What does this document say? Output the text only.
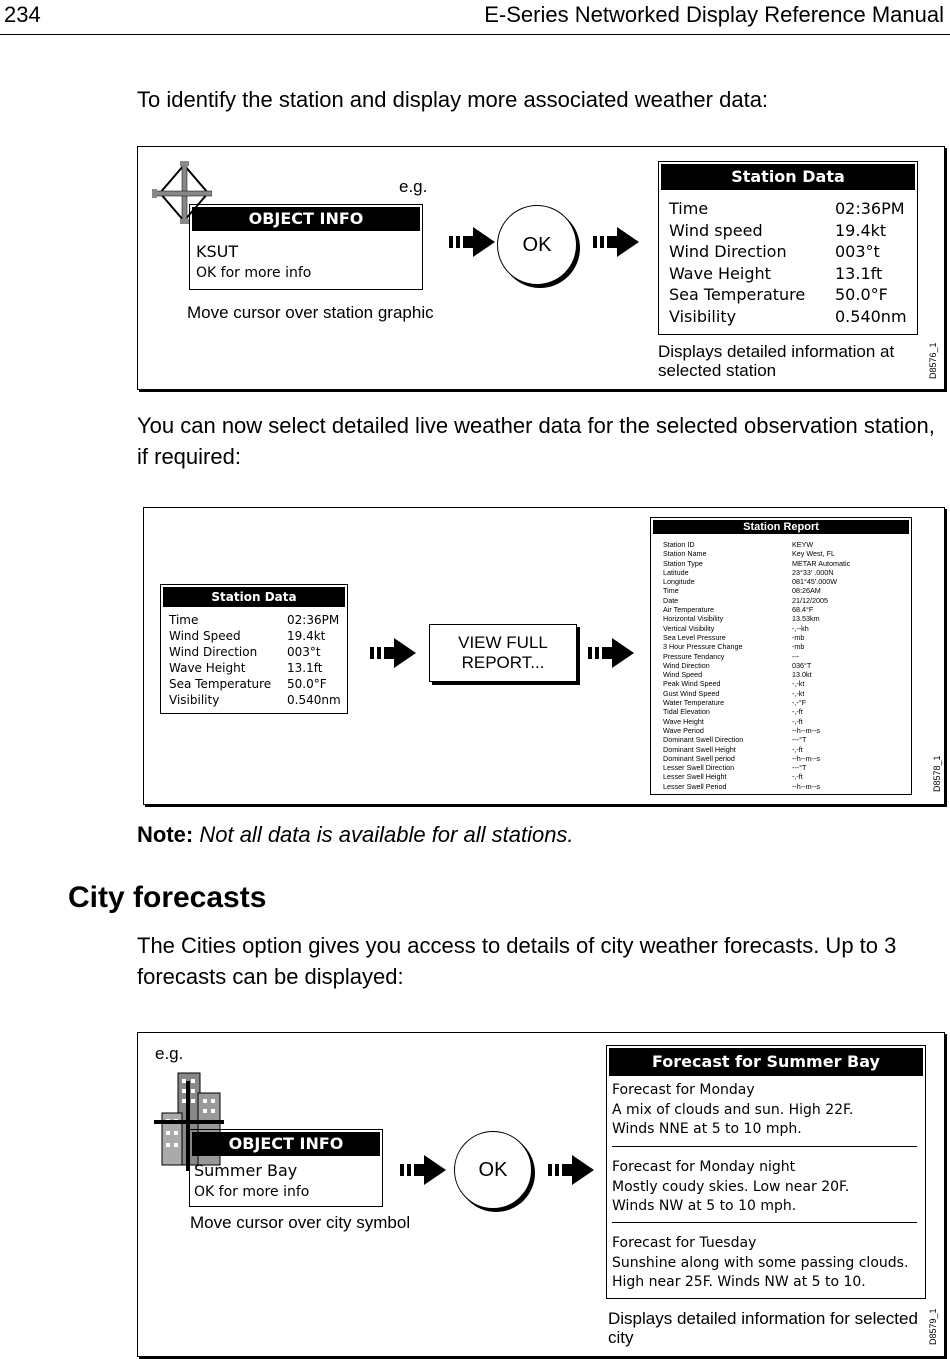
234	E-Series Networked Display Reference Manual
To identify the station and display more associated weather data:
e.g.
OBJECT INFO
KSUT
OK for more info
Move cursor over station graphic
OK
Station Data
Time	02:36PM
Wind speed	19.4kt
Wind Direction	003°t
Wave Height	13.1ft
Sea Temperature	50.0°F
Visibility	0.540nm
Displays detailed information at selected station	D8576_1
You can now select detailed live weather data for the selected observation station, if required:
Station Data
Time	02:36PM
Wind Speed	19.4kt
Wind Direction	003°t
Wave Height	13.1ft
Sea Temperature	50.0°F
Visibility	0.540nm
VIEW FULL REPORT...
Station Report
Station ID	KEYW
Station Name	Key West, FL
Station Type	METAR Automatic
Latitude	23°33' .000N
Longitude	081°45'.000W
Time	08:26AM
Date	21/12/2005
Air Temperature	68.4°F
Horizontal Visibility	13.53km
Vertical Visibility	-,--kh
Sea Level Pressure	-mb
3 Hour Pressure Change	-mb
Pressure Tendancy	---
Wind Direction	036°T
Wind Speed	13.0kt
Peak Wind Speed	-,-kt
Gust Wind Speed	-,-kt
Water Temperature	-,-°F
Tidal Elevation	-,-ft
Wave Height	-,-ft
Wave Period	--h--m--s
Dominant Swell Direction	---°T
Dominant Swell Height	-,-ft
Dominant Swell period	--h--m--s
Lesser Swell Direction	---°T
Lesser Swell Height	-,-ft
Lesser Swell Period	--h--m--s	D8578_1
Note: Not all data is available for all stations.
City forecasts
The Cities option gives you access to details of city weather forecasts. Up to 3 forecasts can be displayed:
e.g.
OBJECT INFO
Summer Bay
OK for more info
Move cursor over city symbol
OK
Forecast for Summer Bay
Forecast for Monday
A mix of clouds and sun. High 22F.
Winds NNE at 5 to 10 mph.
Forecast for Monday night
Mostly coudy skies. Low near 20F.
Winds NW at 5 to 10 mph.
Forecast for Tuesday
Sunshine along with some passing clouds.
High near 25F. Winds NW at 5 to 10.
Displays detailed information for selected city	D8579_1
